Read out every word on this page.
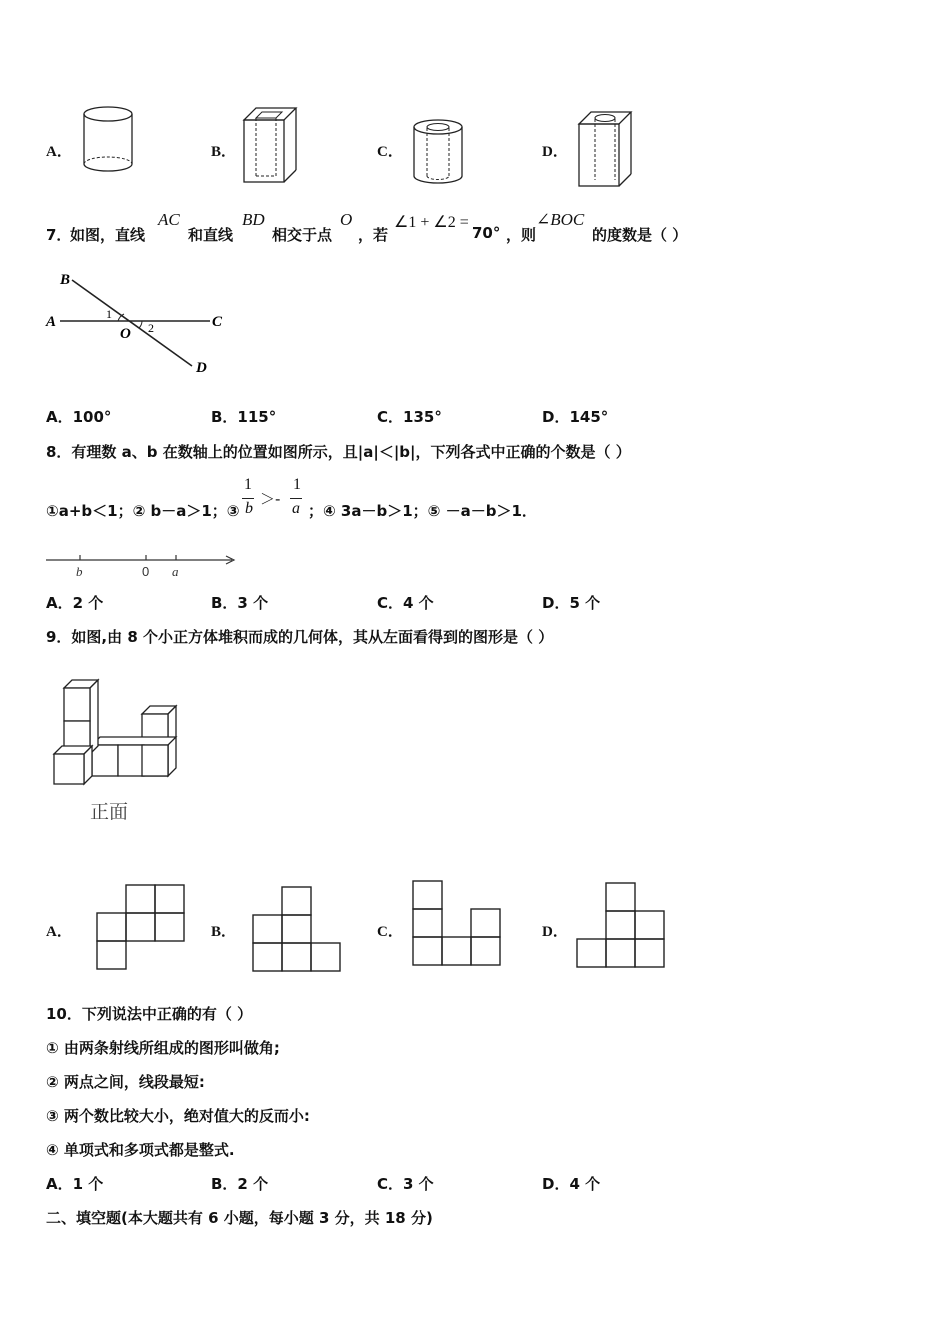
A．	B．	C．	D．
7．
如图，直线
AC
和直线
BD
相交于点
O
，若
∠1 + ∠2 =
70° ，则
∠BOC
的度数是（ ）
B
A	C
O
D
1
2
A．100°	B．115°	C．135°	D．145°
8．有理数 a、b 在数轴上的位置如图所示，且|a|＜|b|，下列各式中正确的个数是（ ）
①a+b＜1；② b－a＞1；③
1
b
＞-
1
a ；④ 3a－b＞1；⑤ －a－b＞1．
b	0 a
A．2 个	B．3 个	C．4 个	D．5 个
9．如图,由 8 个小正方体堆积而成的几何体，其从左面看得到的图形是（ ）
正面
A．	B．	C．	D．
10．下列说法中正确的有（ ）
① 由两条射线所组成的图形叫做角;
② 两点之间，线段最短:
③ 两个数比较大小，绝对值大的反而小:
④ 单项式和多项式都是整式.
A．1 个	B．2 个	C．3 个	D．4 个
二、填空题(本大题共有 6 小题，每小题 3 分，共 18 分)
